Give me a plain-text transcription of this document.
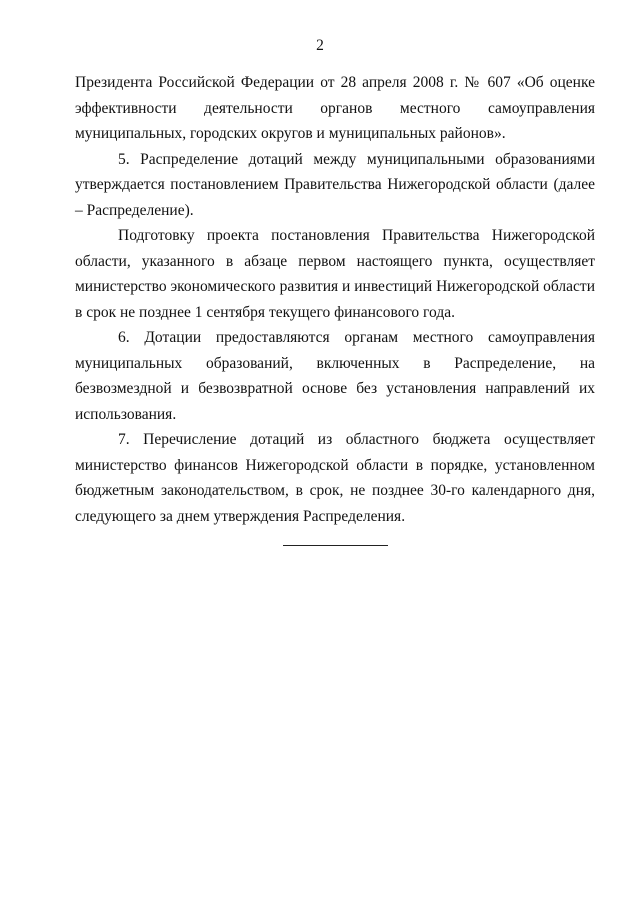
2

Президента Российской Федерации от 28 апреля 2008 г. № 607 «Об оценке эффективности деятельности органов местного самоуправления муниципальных, городских округов и муниципальных районов».

5. Распределение дотаций между муниципальными образованиями утверждается постановлением Правительства Нижегородской области (далее – Распределение).

Подготовку проекта постановления Правительства Нижегородской области, указанного в абзаце первом настоящего пункта, осуществляет министерство экономического развития и инвестиций Нижегородской области в срок не позднее 1 сентября текущего финансового года.

6. Дотации предоставляются органам местного самоуправления муниципальных образований, включенных в Распределение, на безвозмездной и безвозвратной основе без установления направлений их использования.

7. Перечисление дотаций из областного бюджета осуществляет министерство финансов Нижегородской области в порядке, установленном бюджетным законодательством, в срок, не позднее 30-го календарного дня, следующего за днем утверждения Распределения.
